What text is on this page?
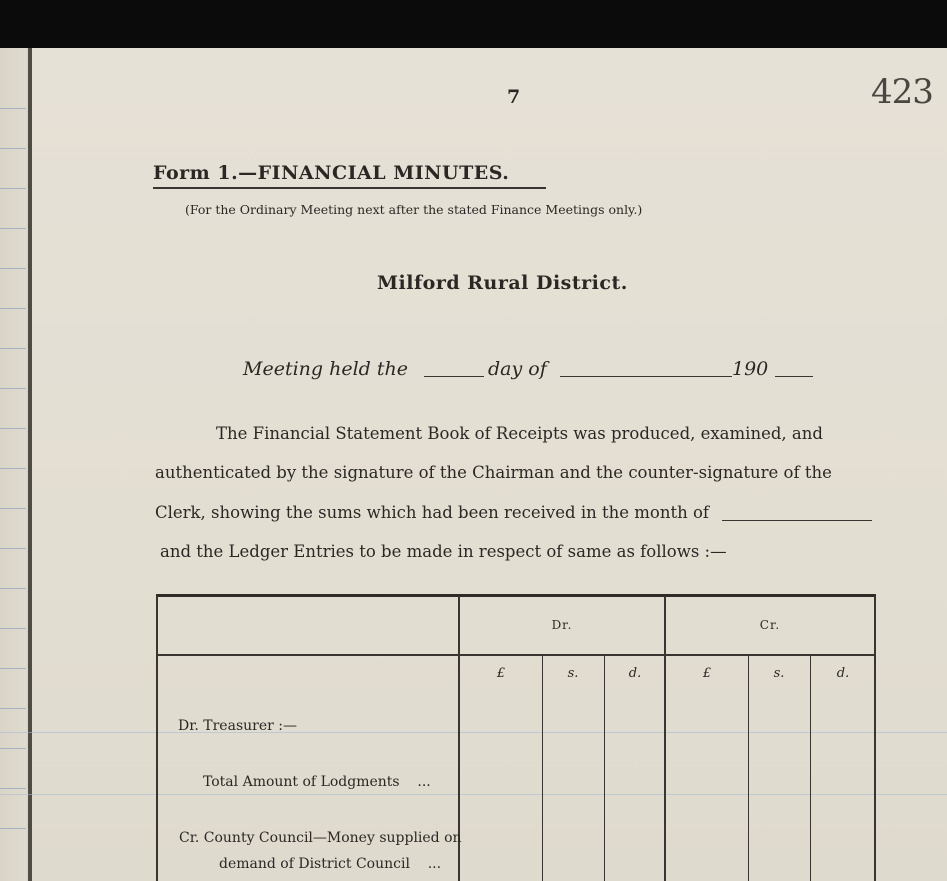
7	423
Form 1.—FINANCIAL MINUTES.
(For the Ordinary Meeting next after the stated Finance Meetings only.)
Milford Rural District.
Meeting held the	day of	190
The Financial Statement Book of Receipts was produced, examined, and
authenticated by the signature of the Chairman and the counter-signature of the
Clerk, showing the sums which had been received in the month of
and the Ledger Entries to be made in respect of same as follows :—
Dr.	Cr.
£	s.	d.	£	s.	d.
Dr. Treasurer :—
Total Amount of Lodgments    ...
Cr. County Council—Money supplied on
demand of District Council    ...
